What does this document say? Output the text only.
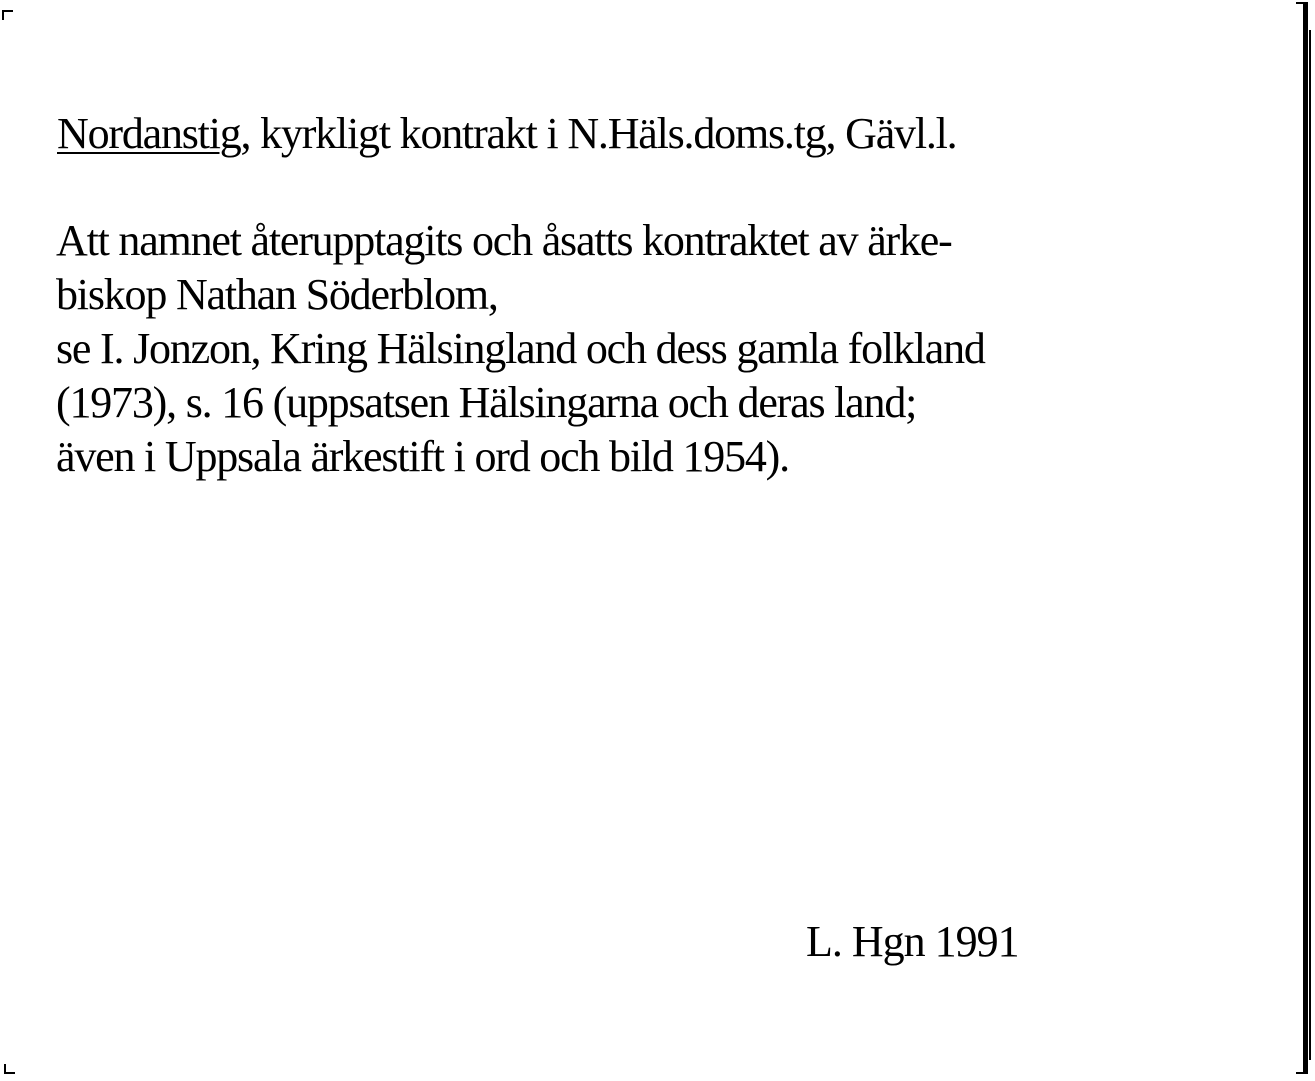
Nordanstig, kyrkligt kontrakt i N.Häls.doms.tg, Gävl.l.
Att namnet återupptagits och åsatts kontraktet av ärke-
biskop Nathan Söderblom,
se I. Jonzon, Kring Hälsingland och dess gamla folkland
(1973), s. 16 (uppsatsen Hälsingarna och deras land;
även i Uppsala ärkestift i ord och bild 1954).
L. Hgn 1991
